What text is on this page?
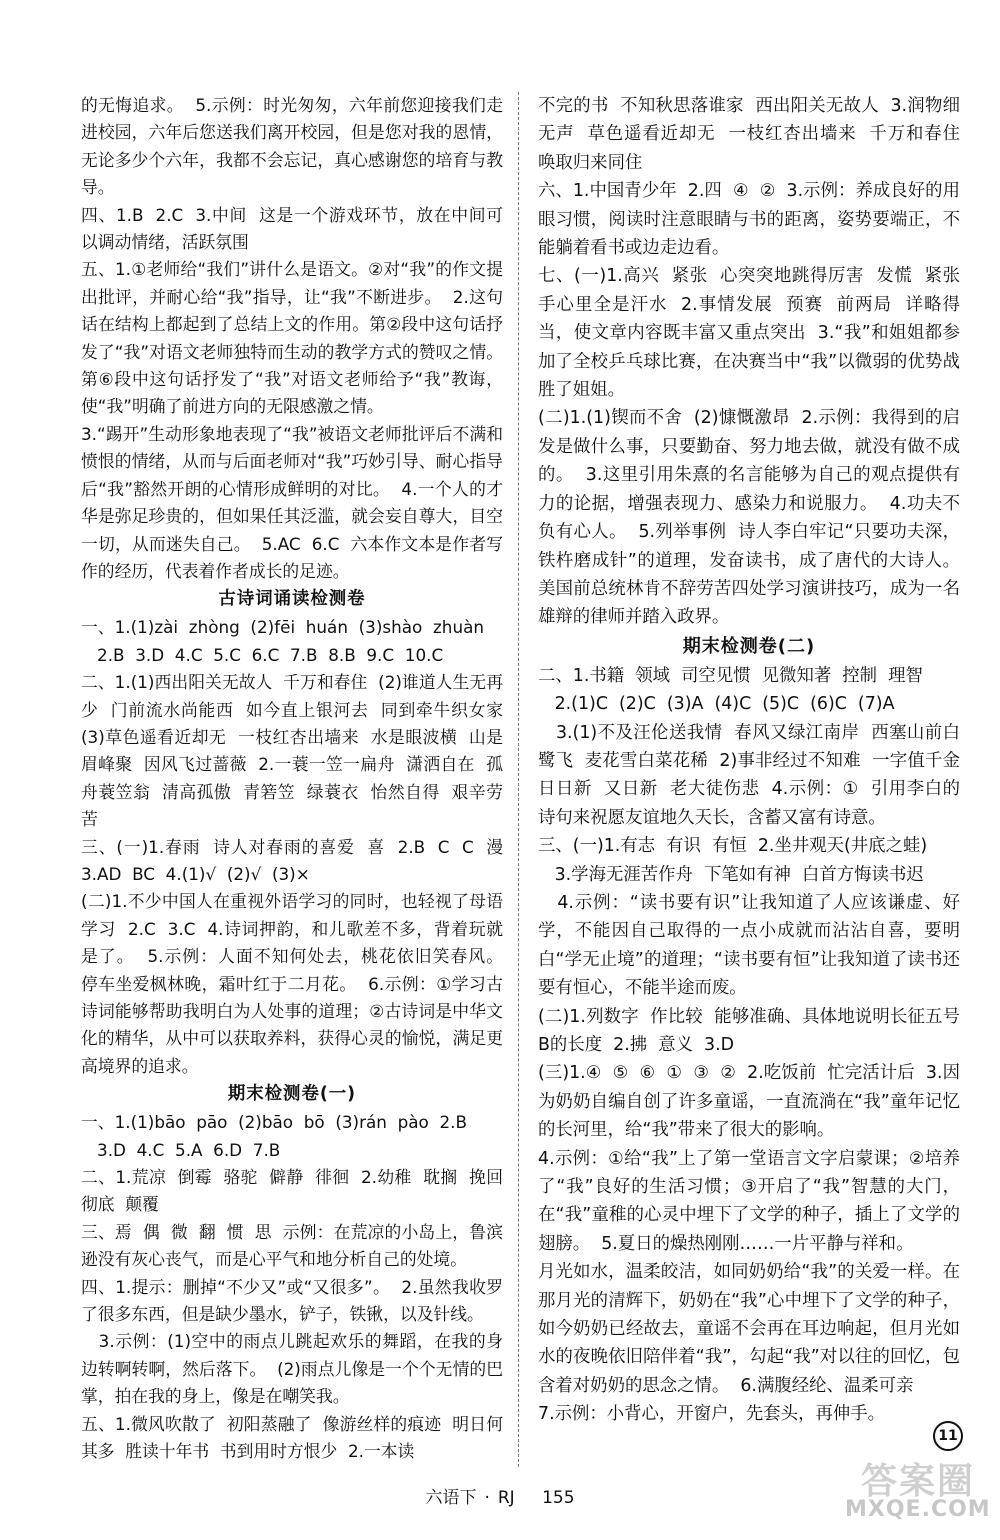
的无悔追求。  5.示例：时光匆匆，六年前您迎接我们走进校园，六年后您送我们离开校园，但是您对我的恩情，无论多少个六年，我都不会忘记，真心感谢您的培育与教导。

四、1.B  2.C  3.中间  这是一个游戏环节，放在中间可以调动情绪，活跃氛围

五、1.①老师给“我们”讲什么是语文。②对“我”的作文提出批评，并耐心给“我”指导，让“我”不断进步。  2.这句话在结构上都起到了总结上文的作用。第②段中这句话抒发了“我”对语文老师独特而生动的教学方式的赞叹之情。第⑥段中这句话抒发了“我”对语文老师给予“我”教诲，使“我”明确了前进方向的无限感激之情。

3.“踢开”生动形象地表现了“我”被语文老师批评后不满和愤恨的情绪，从而与后面老师对“我”巧妙引导、耐心指导后“我”豁然开朗的心情形成鲜明的对比。  4.一个人的才华是弥足珍贵的，但如果任其泛滥，就会妄自尊大，目空一切，从而迷失自己。  5.AC  6.C  六本作文本是作者写作的经历，代表着作者成长的足迹。

古诗词诵读检测卷

一、1.(1)zài  zhòng  (2)fēi  huán  (3)shào  zhuàn

2.B  3.D  4.C  5.C  6.C  7.B  8.B  9.C  10.C

二、1.(1)西出阳关无故人  千万和春住  (2)谁道人生无再少  门前流水尚能西  如今直上银河去  同到牵牛织女家  (3)草色遥看近却无  一枝红杏出墙来  水是眼波横  山是眉峰聚  因风飞过蔷薇  2.一蓑一笠一扁舟  潇洒自在  孤舟蓑笠翁  清高孤傲  青箬笠  绿蓑衣  怡然自得  艰辛劳苦

三、(一)1.春雨  诗人对春雨的喜爱  喜  2.B  C  C  漫  3.AD  BC  4.(1)√  (2)√  (3)×

(二)1.不少中国人在重视外语学习的同时，也轻视了母语学习  2.C  3.C  4.诗词押韵，和儿歌差不多，背着玩就是了。  5.示例：人面不知何处去，桃花依旧笑春风。  停车坐爱枫林晚，霜叶红于二月花。  6.示例：①学习古诗词能够帮助我明白为人处事的道理；②古诗词是中华文化的精华，从中可以获取养料，获得心灵的愉悦，满足更高境界的追求。

期末检测卷(一)

一、1.(1)bāo  pāo  (2)bāo  bō  (3)rán  pào  2.B

3.D  4.C  5.A  6.D  7.B

二、1.荒凉  倒霉  骆驼  僻静  徘徊  2.幼稚  耽搁  挽回  彻底  颠覆

三、焉  偶  微  翻  惯  思  示例：在荒凉的小岛上，鲁滨逊没有灰心丧气，而是心平气和地分析自己的处境。

四、1.提示：删掉“不少又”或“又很多”。  2.虽然我收罗了很多东西，但是缺少墨水，铲子，铁锹，以及针线。

3.示例：(1)空中的雨点儿跳起欢乐的舞蹈，在我的身边转啊转啊，然后落下。  (2)雨点儿像是一个个无情的巴掌，拍在我的身上，像是在嘲笑我。

五、1.微风吹散了  初阳蒸融了  像游丝样的痕迹  明日何其多  胜读十年书  书到用时方恨少  2.一本读

不完的书  不知秋思落谁家  西出阳关无故人  3.润物细无声  草色遥看近却无  一枝红杏出墙来  千万和春住  唤取归来同住

六、1.中国青少年  2.四  ④  ②  3.示例：养成良好的用眼习惯，阅读时注意眼睛与书的距离，姿势要端正，不能躺着看书或边走边看。

七、(一)1.高兴  紧张  心突突地跳得厉害  发慌  紧张  手心里全是汗水  2.事情发展  预赛  前两局  详略得当，使文章内容既丰富又重点突出  3.“我”和姐姐都参加了全校乒乓球比赛，在决赛当中“我”以微弱的优势战胜了姐姐。

(二)1.(1)锲而不舍  (2)慷慨激昂  2.示例：我得到的启发是做什么事，只要勤奋、努力地去做，就没有做不成的。  3.这里引用朱熹的名言能够为自己的观点提供有力的论据，增强表现力、感染力和说服力。  4.功夫不负有心人。  5.列举事例  诗人李白牢记“只要功夫深，铁杵磨成针”的道理，发奋读书，成了唐代的大诗人。  美国前总统林肯不辞劳苦四处学习演讲技巧，成为一名雄辩的律师并踏入政界。

期末检测卷(二)

二、1.书籍  领域  司空见惯  见微知著  控制  理智

2.(1)C  (2)C  (3)A  (4)C  (5)C  (6)C  (7)A

3.(1)不及汪伦送我情  春风又绿江南岸  西塞山前白鹭飞  麦花雪白菜花稀  2)事非经过不知难  一字值千金  日日新  又日新  老大徒伤悲  4.示例：①  引用李白的诗句来祝愿友谊地久天长，含蓄又富有诗意。

三、(一)1.有志  有识  有恒  2.坐井观天(井底之蛙)

3.学海无涯苦作舟  下笔如有神  白首方悔读书迟

4.示例：“读书要有识”让我知道了人应该谦虚、好学，不能因自己取得的一点小成就而沾沾自喜，要明白“学无止境”的道理；“读书要有恒”让我知道了读书还要有恒心，不能半途而废。

(二)1.列数字  作比较  能够准确、具体地说明长征五号B的长度  2.拂  意义  3.D

(三)1.④  ⑤  ⑥  ①  ③  ②  2.吃饭前  忙完活计后  3.因为奶奶自编自创了许多童谣，一直流淌在“我”童年记忆的长河里，给“我”带来了很大的影响。

4.示例：①给“我”上了第一堂语言文字启蒙课；②培养了“我”良好的生活习惯；③开启了“我”智慧的大门，在“我”童稚的心灵中埋下了文学的种子，插上了文学的翅膀。  5.夏日的燥热刚刚……一片平静与祥和。

月光如水，温柔皎洁，如同奶奶给“我”的关爱一样。在那月光的清辉下，奶奶在“我”心中埋下了文学的种子，如今奶奶已经故去，童谣不会再在耳边响起，但月光如水的夜晚依旧陪伴着“我”，勾起“我”对以往的回忆，包含着对奶奶的思念之情。  6.满腹经纶、温柔可亲

7.示例：小背心，开窗户，先套头，再伸手。

六语下 · RJ 155
11
答案圈
MXQE.COM
